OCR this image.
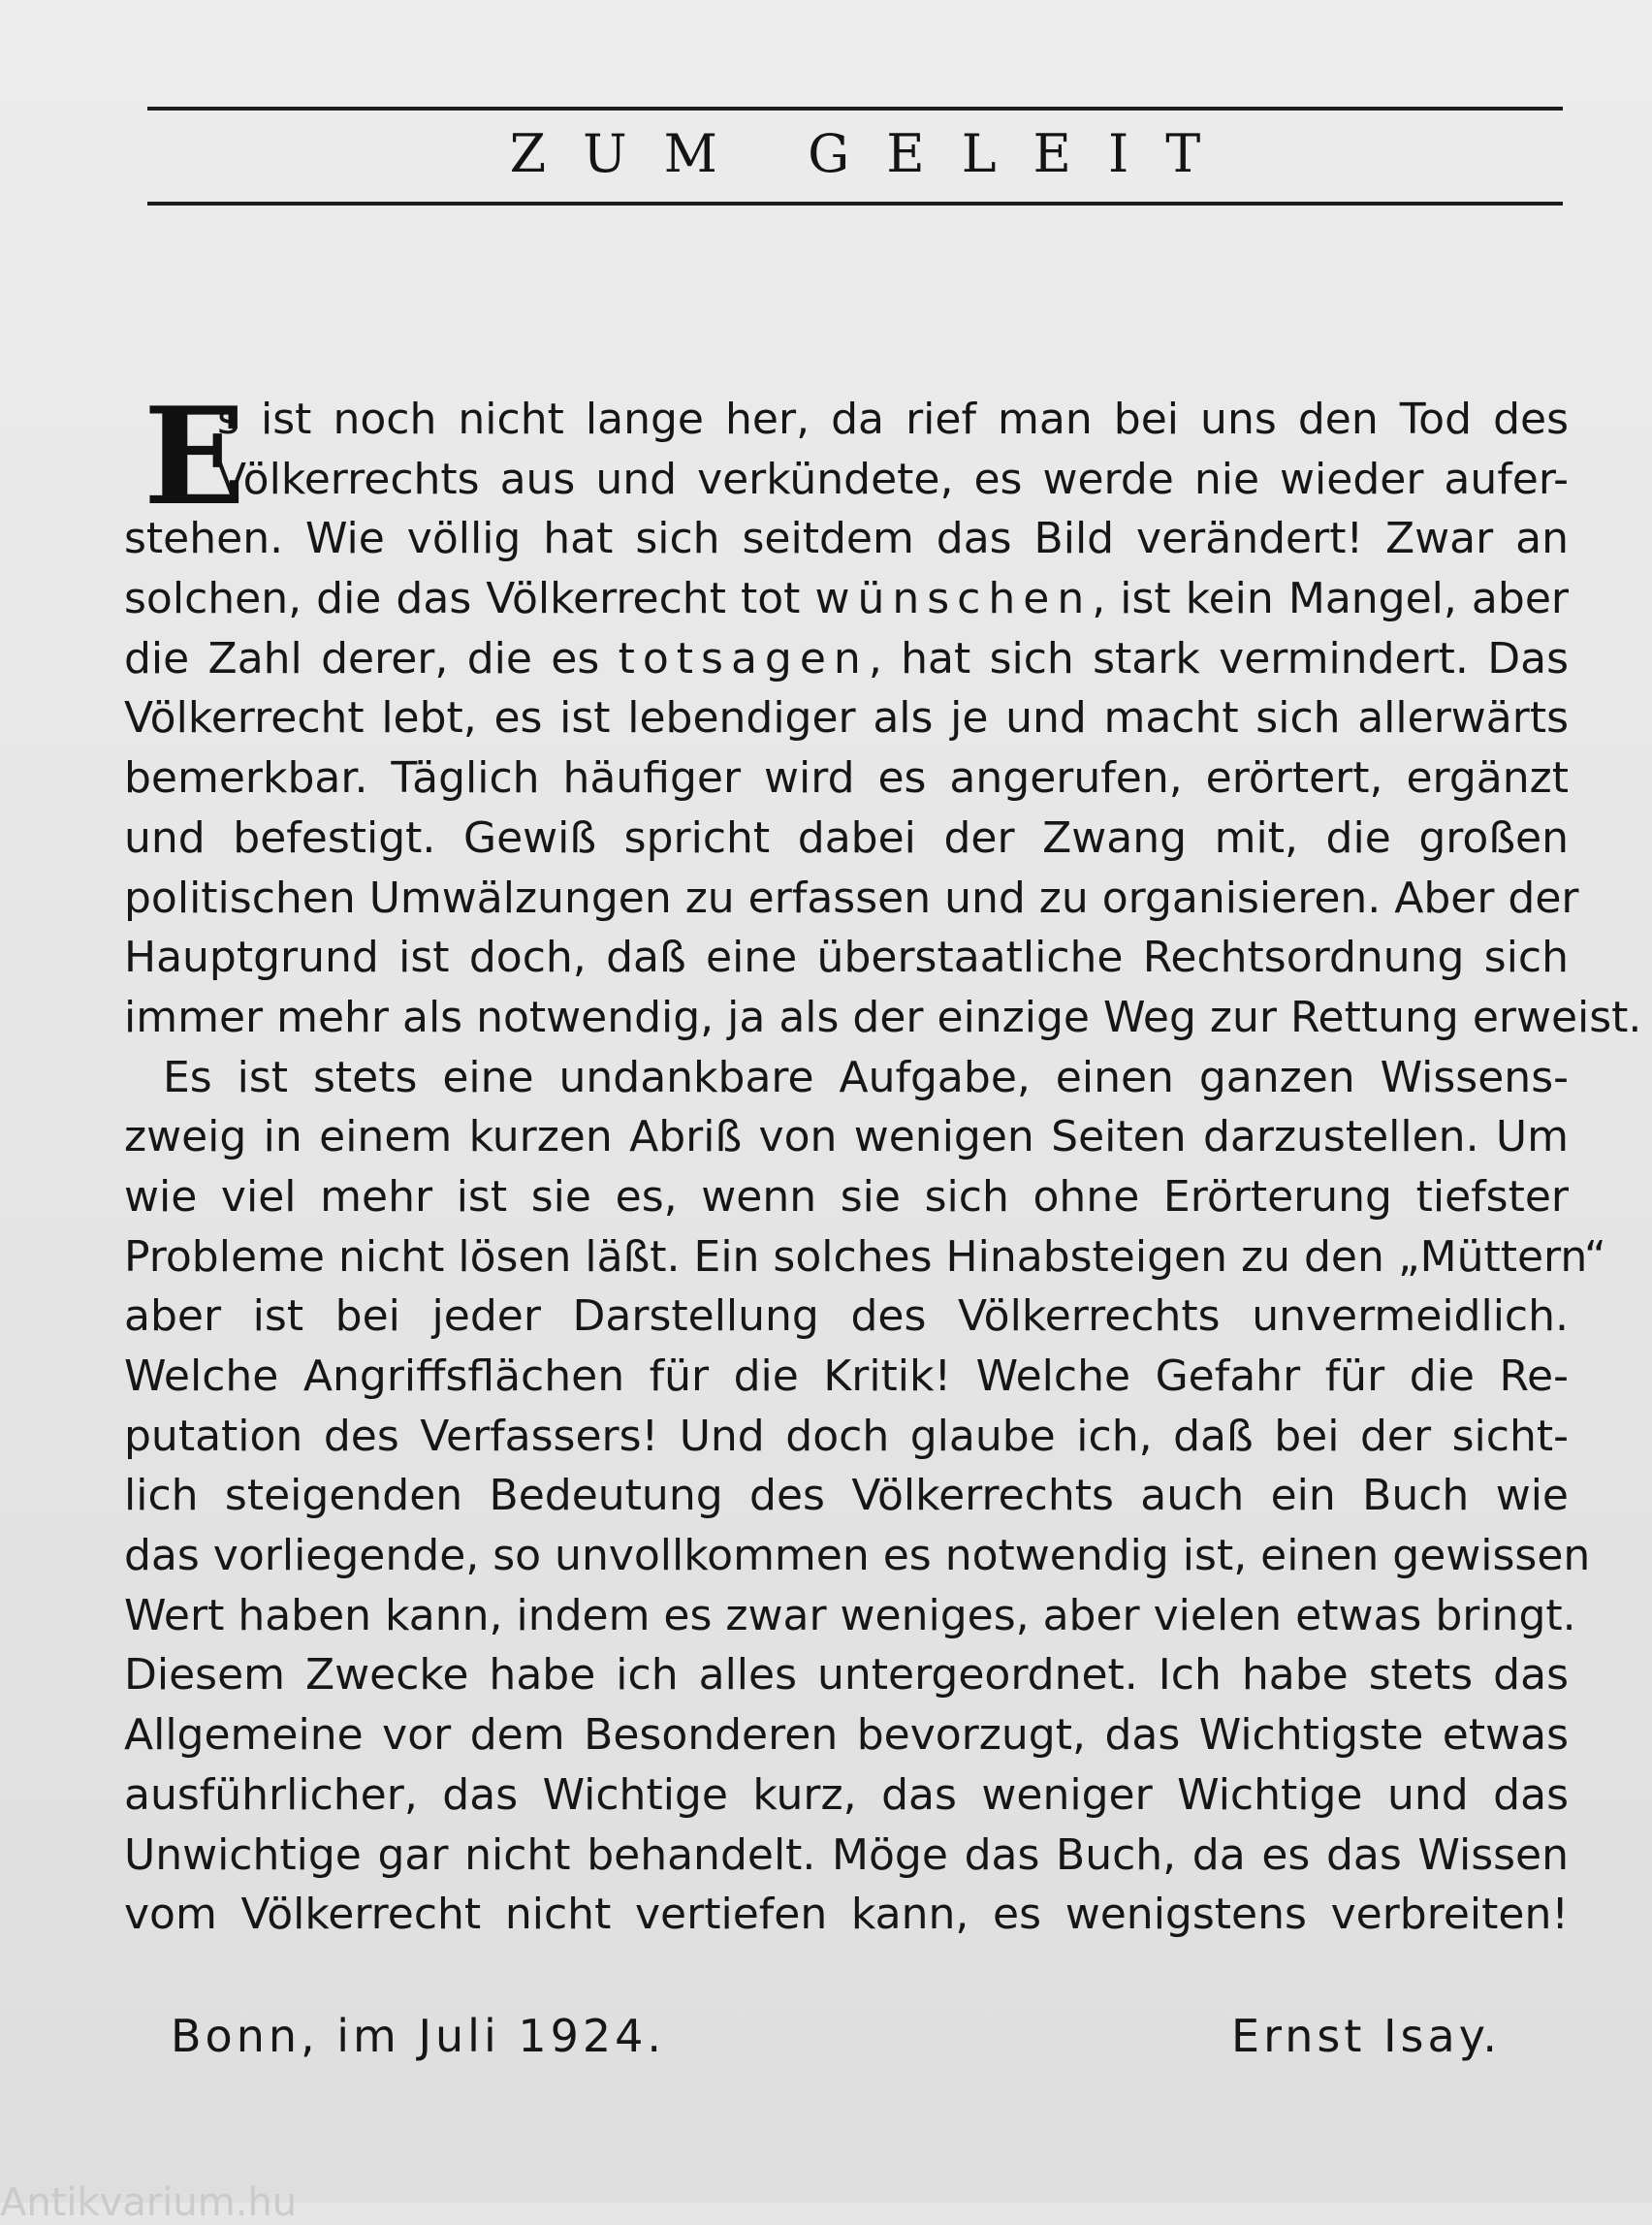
ZUM GELEIT
E
s ist noch nicht lange her, da rief man bei uns den Tod des
Völkerrechts aus und verkündete, es werde nie wieder aufer-
stehen. Wie völlig hat sich seitdem das Bild verändert! Zwar an
solchen, die das Völkerrecht tot wünschen, ist kein Mangel, aber
die Zahl derer, die es totsagen, hat sich stark vermindert. Das
Völkerrecht lebt, es ist lebendiger als je und macht sich allerwärts
bemerkbar. Täglich häufiger wird es angerufen, erörtert, ergänzt
und befestigt. Gewiß spricht dabei der Zwang mit, die großen
politischen Umwälzungen zu erfassen und zu organisieren. Aber der
Hauptgrund ist doch, daß eine überstaatliche Rechtsordnung sich
immer mehr als notwendig, ja als der einzige Weg zur Rettung erweist.
Es ist stets eine undankbare Aufgabe, einen ganzen Wissens-
zweig in einem kurzen Abriß von wenigen Seiten darzustellen. Um
wie viel mehr ist sie es, wenn sie sich ohne Erörterung tiefster
Probleme nicht lösen läßt. Ein solches Hinabsteigen zu den „Müttern“
aber ist bei jeder Darstellung des Völkerrechts unvermeidlich.
Welche Angriffsflächen für die Kritik! Welche Gefahr für die Re-
putation des Verfassers! Und doch glaube ich, daß bei der sicht-
lich steigenden Bedeutung des Völkerrechts auch ein Buch wie
das vorliegende, so unvollkommen es notwendig ist, einen gewissen
Wert haben kann, indem es zwar weniges, aber vielen etwas bringt.
Diesem Zwecke habe ich alles untergeordnet. Ich habe stets das
Allgemeine vor dem Besonderen bevorzugt, das Wichtigste etwas
ausführlicher, das Wichtige kurz, das weniger Wichtige und das
Unwichtige gar nicht behandelt. Möge das Buch, da es das Wissen
vom Völkerrecht nicht vertiefen kann, es wenigstens verbreiten!
Bonn, im Juli 1924.	Ernst Isay.
Antikvarium.hu
